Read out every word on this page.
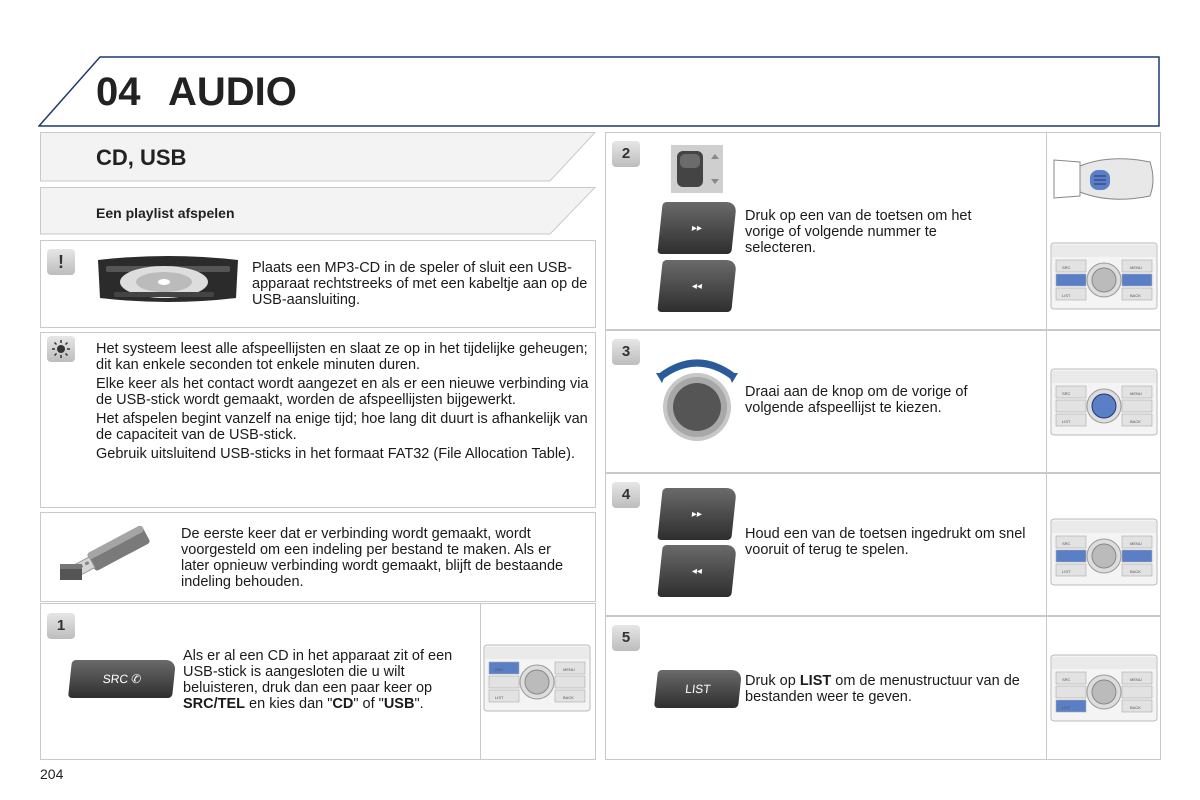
04 AUDIO
CD, USB
Een playlist afspelen
!	Plaats een MP3-CD in de speler of sluit een USB-apparaat rechtstreeks of met een kabeltje aan op de USB-aansluiting.
Het systeem leest alle afspeellijsten en slaat ze op in het tijdelijke geheugen; dit kan enkele seconden tot enkele minuten duren.
Elke keer als het contact wordt aangezet en als er een nieuwe verbinding via de USB-stick wordt gemaakt, worden de afspeellijsten bijgewerkt.
Het afspelen begint vanzelf na enige tijd; hoe lang dit duurt is afhankelijk van de capaciteit van de USB-stick.
Gebruik uitsluitend USB-sticks in het formaat FAT32 (File Allocation Table).
De eerste keer dat er verbinding wordt gemaakt, wordt voorgesteld om een indeling per bestand te maken. Als er later opnieuw verbinding wordt gemaakt, blijft de bestaande indeling behouden.
1
SRC ✆
Als er al een CD in het apparaat zit of een USB-stick is aangesloten die u wilt beluisteren, druk dan een paar keer op SRC/TEL en kies dan "CD" of "USB".
SRC	MENU
LIST	BACK
2
▸▸
◂◂
Druk op een van de toetsen om het vorige of volgende nummer te selecteren.
SRC	MENU
LIST	BACK
3
Draai aan de knop om de vorige of volgende afspeellijst te kiezen.
SRC	MENU
LIST	BACK
4
▸▸
◂◂
Houd een van de toetsen ingedrukt om snel vooruit of terug te spelen.	SRC	MENU
LIST	BACK
5
LIST Druk op LIST om de menustructuur van de bestanden weer te geven.
SRC	MENU
LIST	BACK
204
